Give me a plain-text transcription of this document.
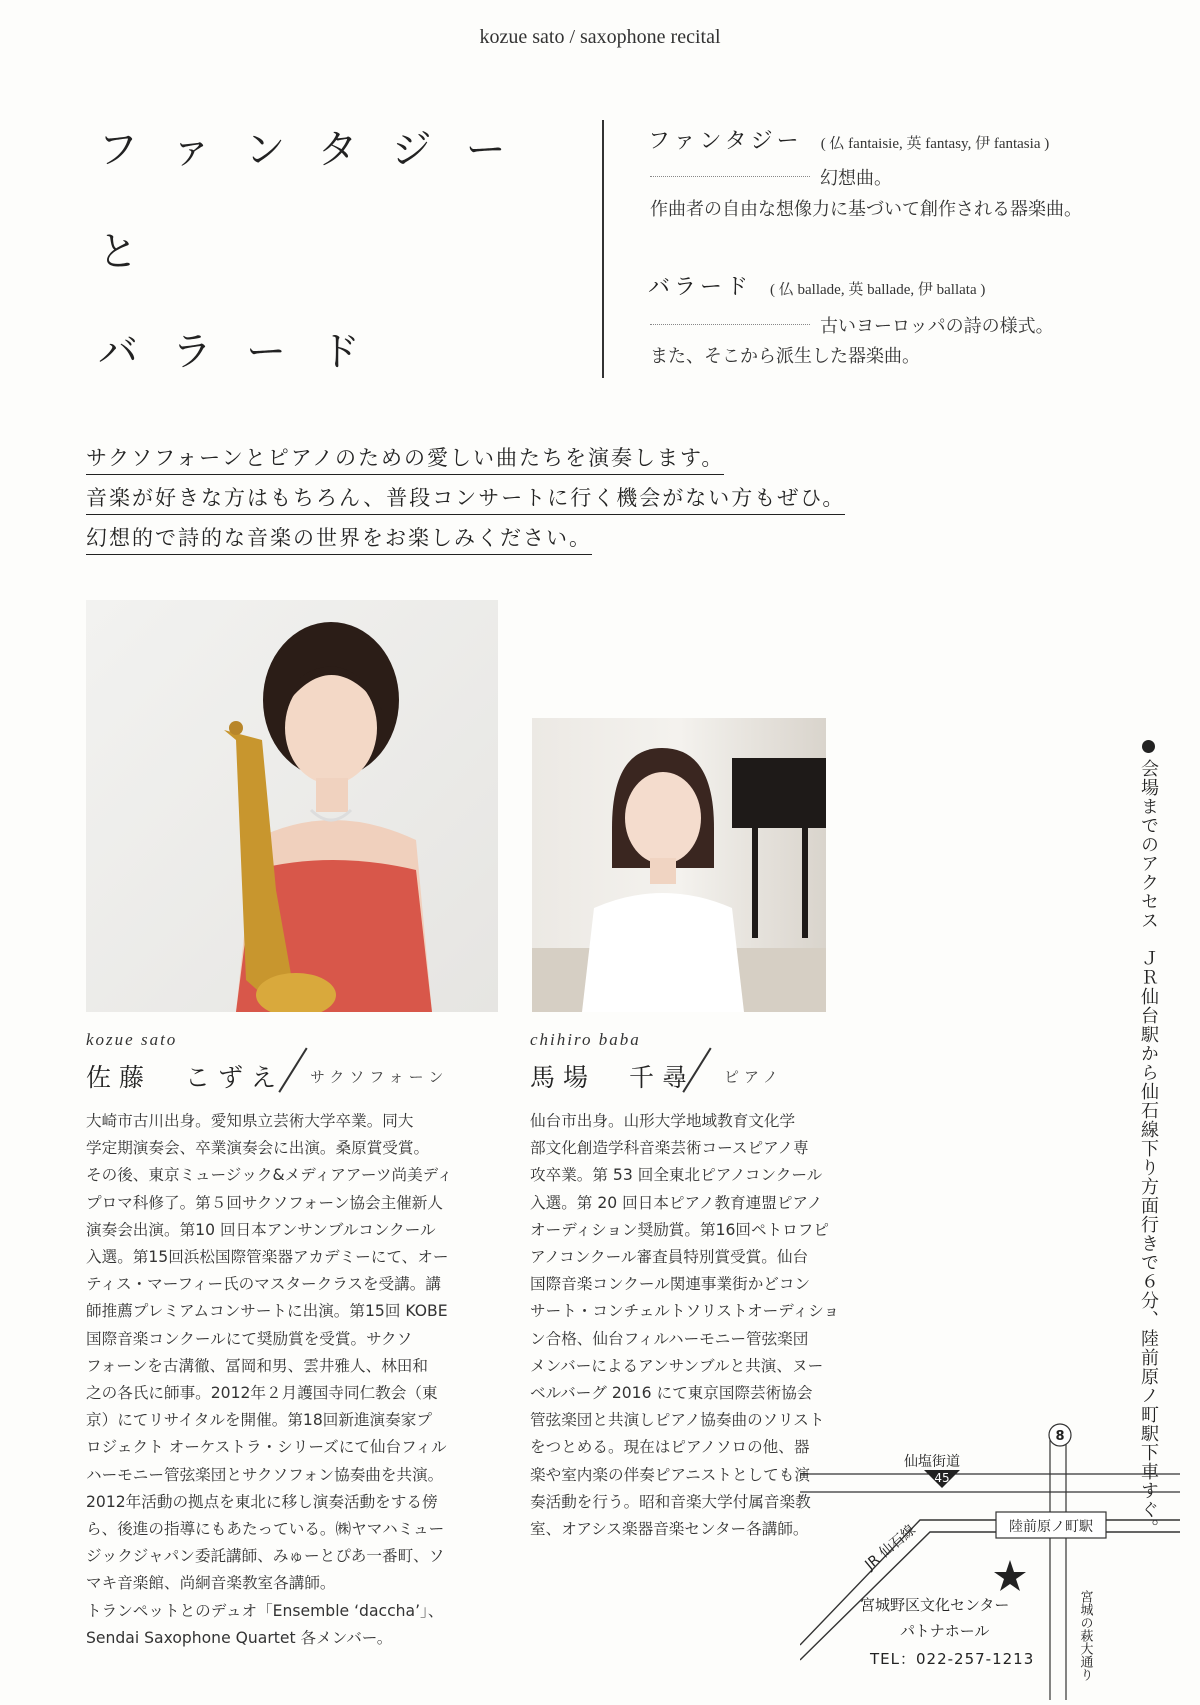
kozue sato / saxophone recital
ファンタジー
と
バラード
ファンタジー ( 仏 fantaisie, 英 fantasy, 伊 fantasia )
幻想曲。
作曲者の自由な想像力に基づいて創作される器楽曲。
バラード ( 仏 ballade, 英 ballade, 伊 ballata )
古いヨーロッパの詩の様式。
また、そこから派生した器楽曲。
サクソフォーンとピアノのための愛しい曲たちを演奏します。
音楽が好きな方はもちろん、普段コンサートに行く機会がない方もぜひ。
幻想的で詩的な音楽の世界をお楽しみください。
kozue sato
佐藤　こずえ サクソフォーン
大崎市古川出身。愛知県立芸術大学卒業。同大
学定期演奏会、卒業演奏会に出演。桑原賞受賞。
その後、東京ミュージック&メディアアーツ尚美ディ
プロマ科修了。第５回サクソフォーン協会主催新人
演奏会出演。第10 回日本アンサンブルコンクール
入選。第15回浜松国際管楽器アカデミーにて、オー
ティス・マーフィー氏のマスタークラスを受講。講
師推薦プレミアムコンサートに出演。第15回 KOBE
国際音楽コンクールにて奨励賞を受賞。サクソ
フォーンを古溝徹、冨岡和男、雲井雅人、林田和
之の各氏に師事。2012年２月護国寺同仁教会（東
京）にてリサイタルを開催。第18回新進演奏家プ
ロジェクト オーケストラ・シリーズにて仙台フィル
ハーモニー管弦楽団とサクソフォン協奏曲を共演。
2012年活動の拠点を東北に移し演奏活動をする傍
ら、後進の指導にもあたっている。㈱ヤマハミュー
ジックジャパン委託講師、みゅーとぴあ一番町、ソ
マキ音楽館、尚絅音楽教室各講師。
トランペットとのデュオ「Ensemble ‘daccha’」、
Sendai Saxophone Quartet 各メンバー。
chihiro baba
馬場　千尋 ピアノ
仙台市出身。山形大学地域教育文化学
部文化創造学科音楽芸術コースピアノ専
攻卒業。第 53 回全東北ピアノコンクール
入選。第 20 回日本ピアノ教育連盟ピアノ
オーディション奨励賞。第16回ペトロフピ
アノコンクール審査員特別賞受賞。仙台
国際音楽コンクール関連事業街かどコン
サート・コンチェルトソリストオーディショ
ン合格、仙台フィルハーモニー管弦楽団
メンバーによるアンサンブルと共演、ヌー
ベルバーグ 2016 にて東京国際芸術協会
管弦楽団と共演しピアノ協奏曲のソリスト
をつとめる。現在はピアノソロの他、器
楽や室内楽の伴奏ピアニストとしても演
奏活動を行う。昭和音楽大学付属音楽教
室、オアシス楽器音楽センター各講師。	会場までのアクセス　ＪＲ仙台駅から仙石線下り方面行きで６分、陸前原ノ町駅下車すぐ。
8
45
仙塩街道
JR 仙石線	陸前原ノ町駅
宮城の萩大通り
宮城野区文化センター
パトナホール
TEL：022-257-1213
